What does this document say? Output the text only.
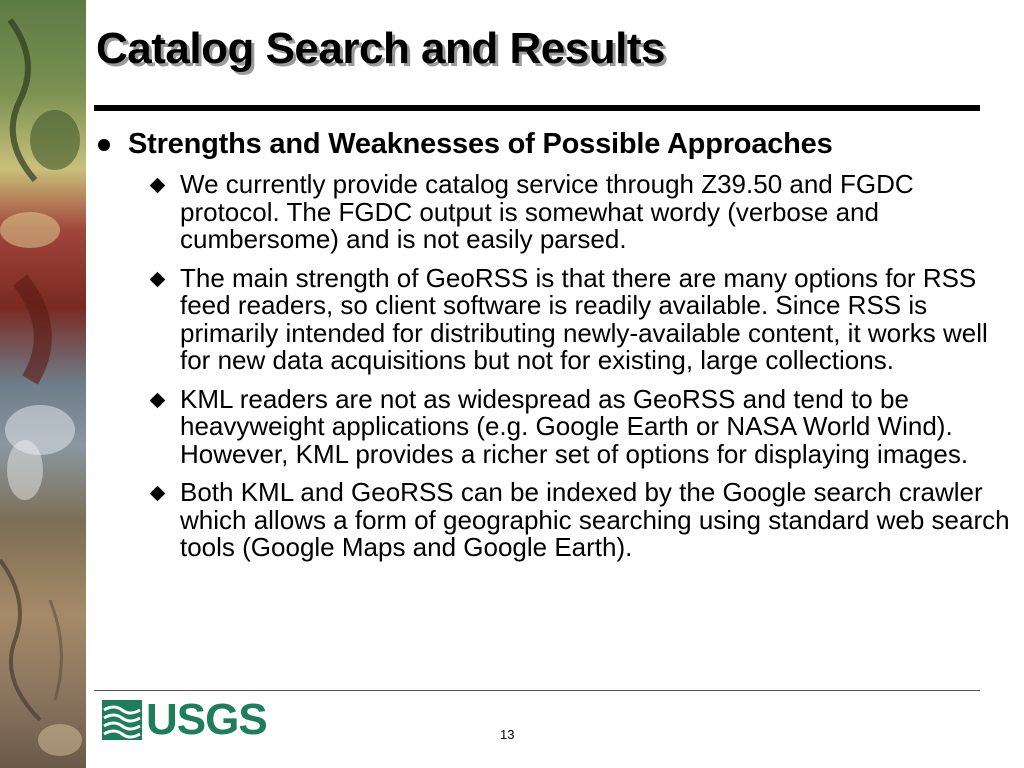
Catalog Search and Results
Strengths and Weaknesses of Possible Approaches
We currently provide catalog service through Z39.50 and FGDC protocol. The FGDC output is somewhat wordy (verbose and cumbersome) and is not easily parsed.
The main strength of GeoRSS is that there are many options for RSS feed readers, so client software is readily available. Since RSS is primarily intended for distributing newly-available content, it works well for new data acquisitions but not for existing, large collections.
KML readers are not as widespread as GeoRSS and tend to be heavyweight applications (e.g. Google Earth or NASA World Wind). However, KML provides a richer set of options for displaying images.
Both KML and GeoRSS can be indexed by the Google search crawler which allows a form of geographic searching using standard web search tools (Google Maps and Google Earth).
USGS	13
